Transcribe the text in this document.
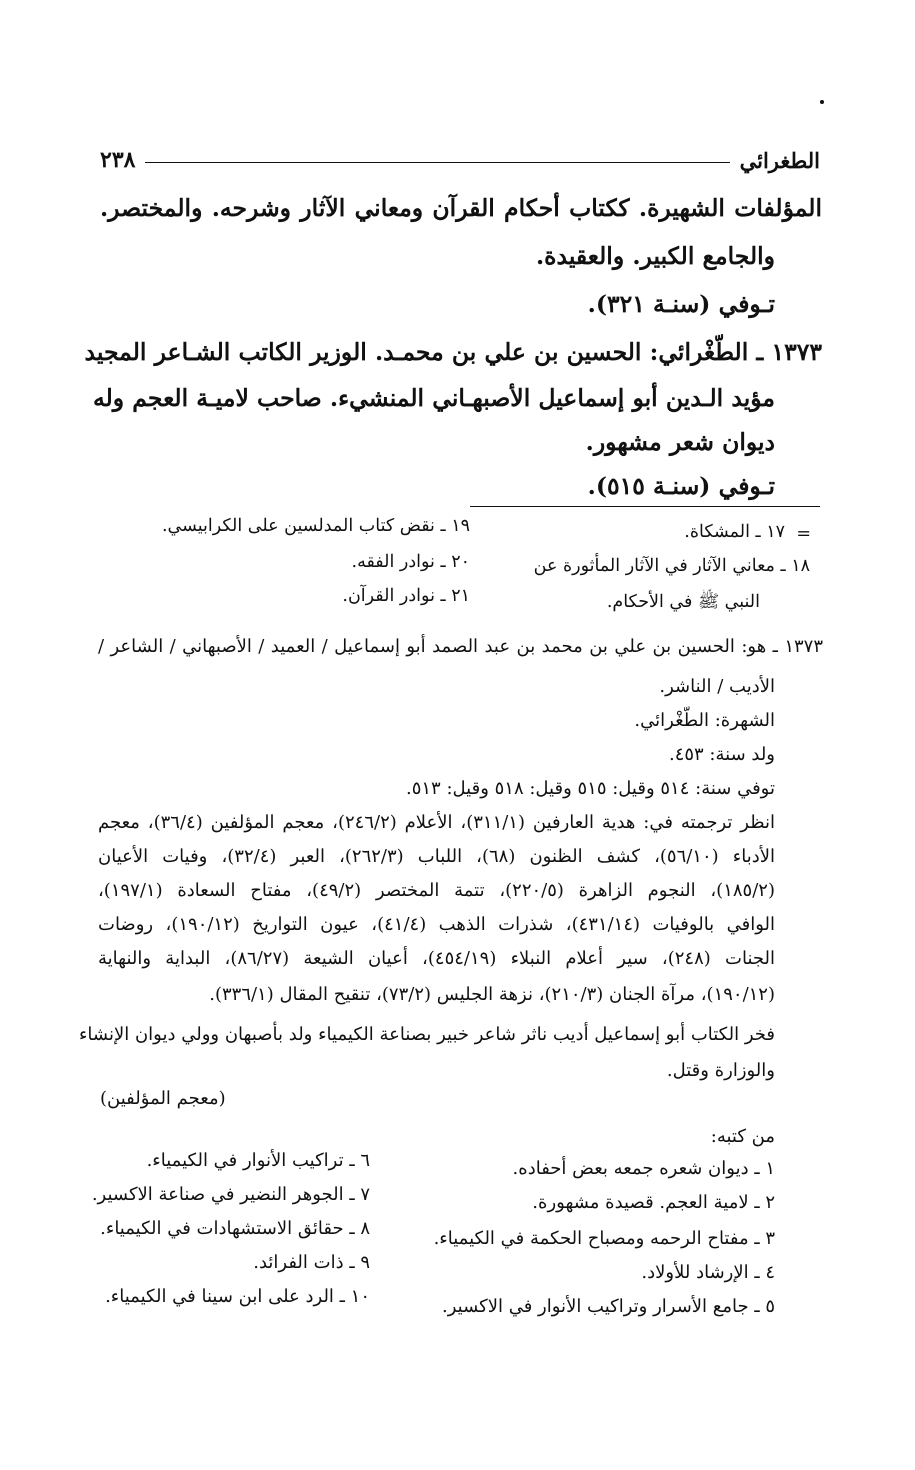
الطغرائي
٢٣٨
المؤلفات الشهيرة. ككتاب أحكام القرآن ومعاني الآثار وشرحه. والمختصر.
والجامع الكبير. والعقيدة.
تـوفي (سنـة ٣٢١).
١٣٧٣ ـ الطّغْرائي: الحسين بن علي بن محمـد. الوزير الكاتب الشـاعر المجيد
مؤيد الـدين أبو إسماعيل الأصبهـاني المنشيء. صاحب لاميـة العجم وله
ديوان شعر مشهور.
تـوفي (سنـة ٥١٥).
=
١٧ ـ المشكاة.
١٨ ـ معاني الآثار في الآثار المأثورة عن
النبي ﷺ في الأحكام.
١٩ ـ نقض كتاب المدلسين على الكرابيسي.
٢٠ ـ نوادر الفقه.
٢١ ـ نوادر القرآن.
١٣٧٣ ـ هو: الحسين بن علي بن محمد بن عبد الصمد أبو إسماعيل / العميد / الأصبهاني / الشاعر /
الأديب / الناشر.
الشهرة: الطّغْرائي.
ولد سنة: ٤٥٣.
توفي سنة: ٥١٤ وقيل: ٥١٥ وقيل: ٥١٨ وقيل: ٥١٣.
انظر ترجمته في: هدية العارفين (٣١١/١)، الأعلام (٢٤٦/٢)، معجم المؤلفين (٣٦/٤)، معجم
الأدباء (٥٦/١٠)، كشف الظنون (٦٨)، اللباب (٢٦٢/٣)، العبر (٣٢/٤)، وفيات الأعيان
(١٨٥/٢)، النجوم الزاهرة (٢٢٠/٥)، تتمة المختصر (٤٩/٢)، مفتاح السعادة (١٩٧/١)،
الوافي بالوفيات (٤٣١/١٤)، شذرات الذهب (٤١/٤)، عيون التواريخ (١٩٠/١٢)، روضات
الجنات (٢٤٨)، سير أعلام النبلاء (٤٥٤/١٩)، أعيان الشيعة (٨٦/٢٧)، البداية والنهاية
(١٩٠/١٢)، مرآة الجنان (٢١٠/٣)، نزهة الجليس (٧٣/٢)، تنقيح المقال (٣٣٦/١).
فخر الكتاب أبو إسماعيل أديب ناثر شاعر خبير بصناعة الكيمياء ولد بأصبهان وولي ديوان الإنشاء
والوزارة وقتل.
(معجم المؤلفين)
من كتبه:
١ ـ ديوان شعره جمعه بعض أحفاده.
٢ ـ لامية العجم. قصيدة مشهورة.
٣ ـ مفتاح الرحمه ومصباح الحكمة في الكيمياء.
٤ ـ الإرشاد للأولاد.
٥ ـ جامع الأسرار وتراكيب الأنوار في الاكسير.
٦ ـ تراكيب الأنوار في الكيمياء.
٧ ـ الجوهر النضير في صناعة الاكسير.
٨ ـ حقائق الاستشهادات في الكيمياء.
٩ ـ ذات الفرائد.
١٠ ـ الرد على ابن سينا في الكيمياء.
